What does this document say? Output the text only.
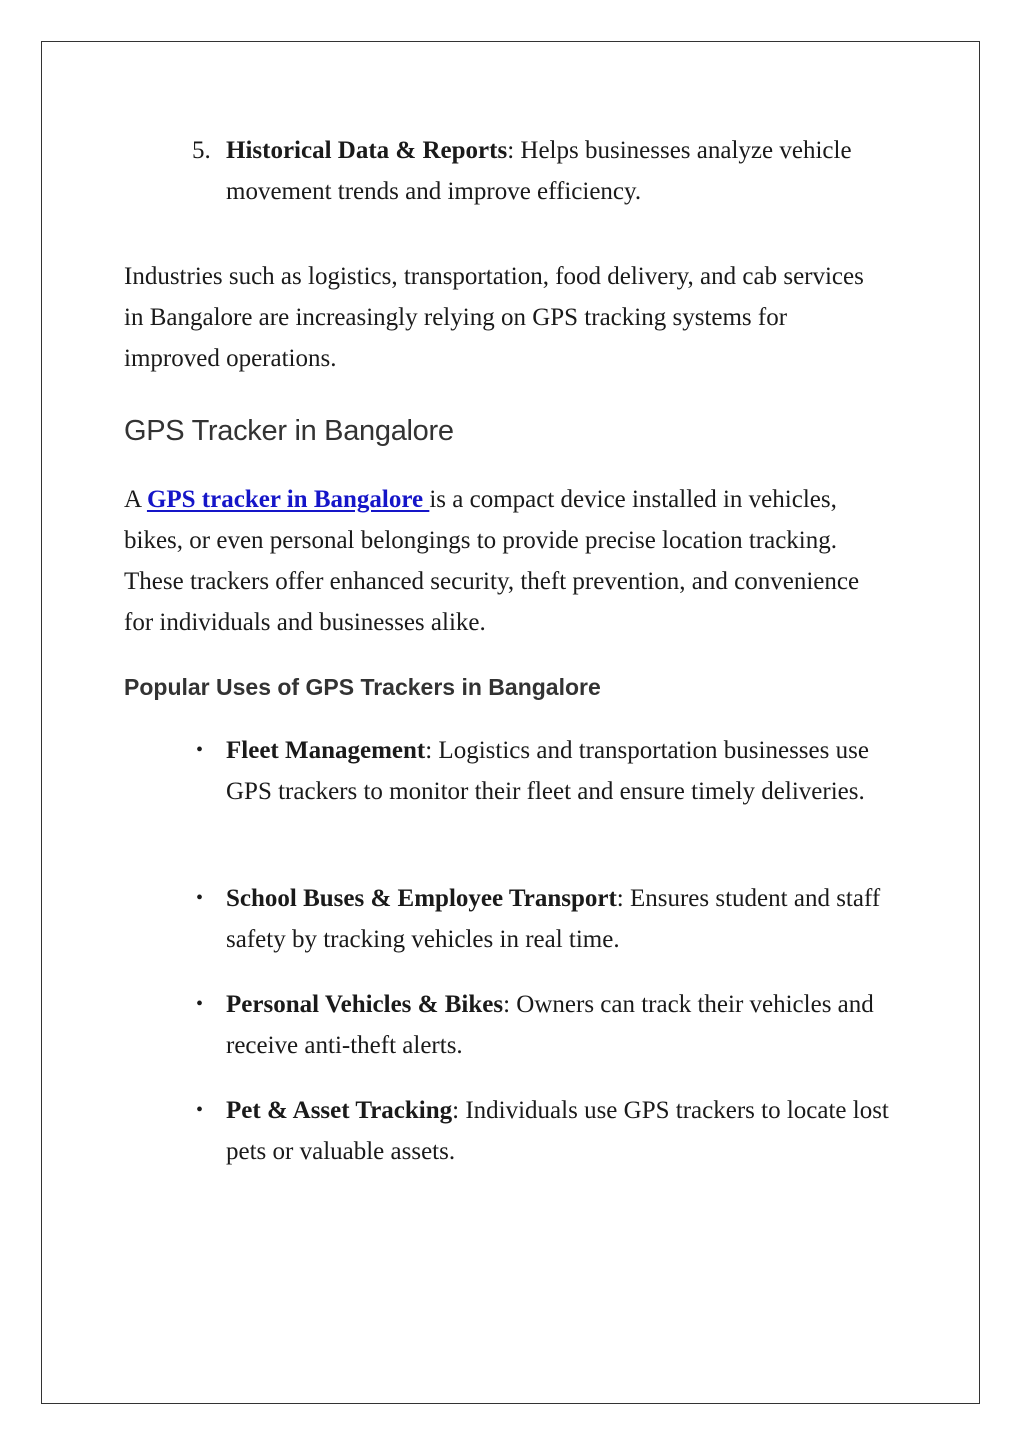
5. Historical Data & Reports: Helps businesses analyze vehicle movement trends and improve efficiency.

Industries such as logistics, transportation, food delivery, and cab services in Bangalore are increasingly relying on GPS tracking systems for improved operations.

GPS Tracker in Bangalore

A GPS tracker in Bangalore is a compact device installed in vehicles, bikes, or even personal belongings to provide precise location tracking. These trackers offer enhanced security, theft prevention, and convenience for individuals and businesses alike.

Popular Uses of GPS Trackers in Bangalore
• Fleet Management: Logistics and transportation businesses use GPS trackers to monitor their fleet and ensure timely deliveries.
• School Buses & Employee Transport: Ensures student and staff safety by tracking vehicles in real time.
• Personal Vehicles & Bikes: Owners can track their vehicles and receive anti-theft alerts.
• Pet & Asset Tracking: Individuals use GPS trackers to locate lost pets or valuable assets.
